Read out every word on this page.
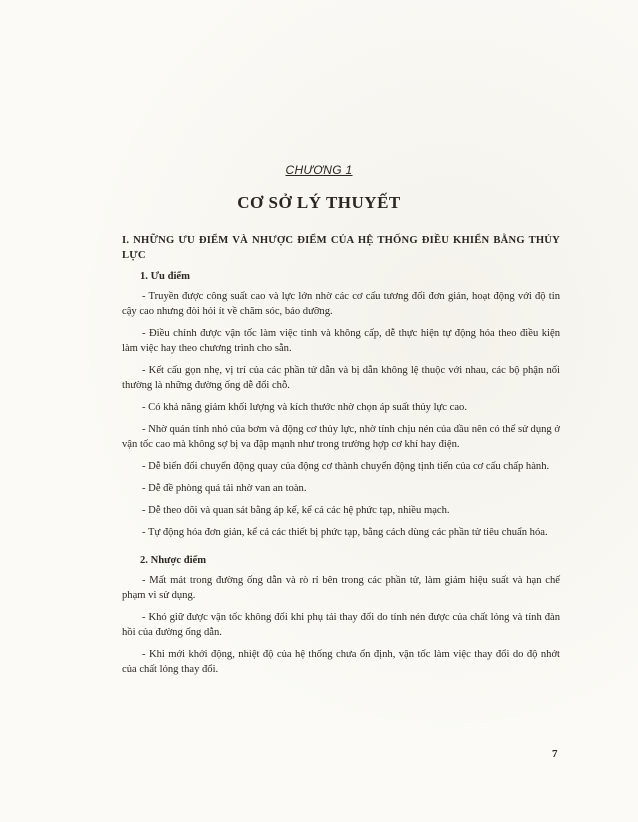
CHƯƠNG 1
CƠ SỞ LÝ THUYẾT
I. NHỮNG ƯU ĐIỂM VÀ NHƯỢC ĐIỂM CỦA HỆ THỐNG ĐIỀU KHIỂN BẰNG THỦY LỰC
1. Ưu điểm

- Truyền được công suất cao và lực lớn nhờ các cơ cấu tương đối đơn giản, hoạt động với độ tin cậy cao nhưng đòi hỏi ít về chăm sóc, bảo dưỡng.

- Điều chỉnh được vận tốc làm việc tinh và không cấp, dễ thực hiện tự động hóa theo điều kiện làm việc hay theo chương trình cho sẵn.

- Kết cấu gọn nhẹ, vị trí của các phần tử dẫn và bị dẫn không lệ thuộc với nhau, các bộ phận nối thường là những đường ống dễ đổi chỗ.

- Có khả năng giảm khối lượng và kích thước nhờ chọn áp suất thủy lực cao.

- Nhờ quán tính nhỏ của bơm và động cơ thủy lực, nhờ tính chịu nén của dầu nên có thể sử dụng ở vận tốc cao mà không sợ bị va đập mạnh như trong trường hợp cơ khí hay điện.

- Dễ biến đổi chuyển động quay của động cơ thành chuyển động tịnh tiến của cơ cấu chấp hành.

- Dễ đề phòng quá tải nhờ van an toàn.

- Dễ theo dõi và quan sát bằng áp kế, kể cả các hệ phức tạp, nhiều mạch.

- Tự động hóa đơn giản, kể cả các thiết bị phức tạp, bằng cách dùng các phần tử tiêu chuẩn hóa.

2. Nhược điểm

- Mất mát trong đường ống dẫn và rò rỉ bên trong các phần tử, làm giảm hiệu suất và hạn chế phạm vi sử dụng.

- Khó giữ được vận tốc không đổi khi phụ tải thay đổi do tính nén được của chất lỏng và tính đàn hồi của đường ống dẫn.

- Khi mới khởi động, nhiệt độ của hệ thống chưa ổn định, vận tốc làm việc thay đổi do độ nhớt của chất lỏng thay đổi.

7
